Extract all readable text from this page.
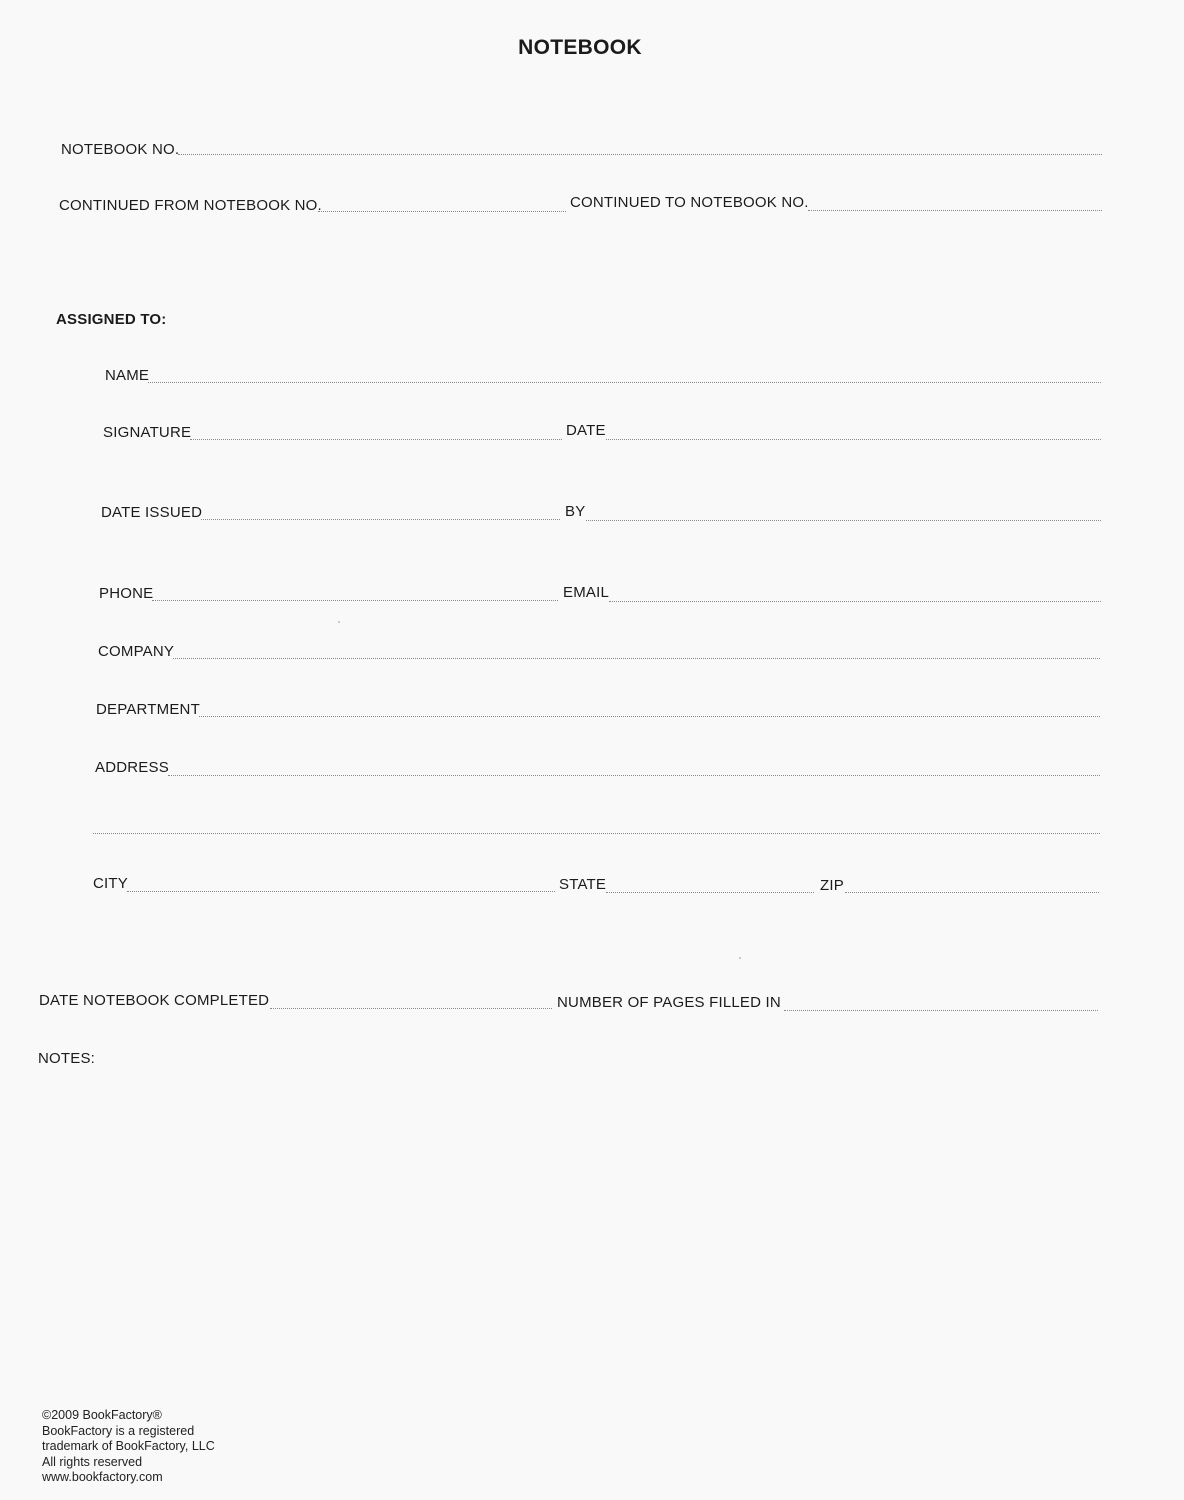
NOTEBOOK
NOTEBOOK NO.
CONTINUED FROM NOTEBOOK NO.	CONTINUED TO NOTEBOOK NO.
ASSIGNED TO:
NAME
SIGNATURE	DATE
DATE ISSUED	BY
PHONE	EMAIL
COMPANY
DEPARTMENT
ADDRESS
CITY	STATE	ZIP
DATE NOTEBOOK COMPLETED	NUMBER OF PAGES FILLED IN
NOTES:
©2009 BookFactory®
BookFactory is a registered
trademark of BookFactory, LLC
All rights reserved
www.bookfactory.com
